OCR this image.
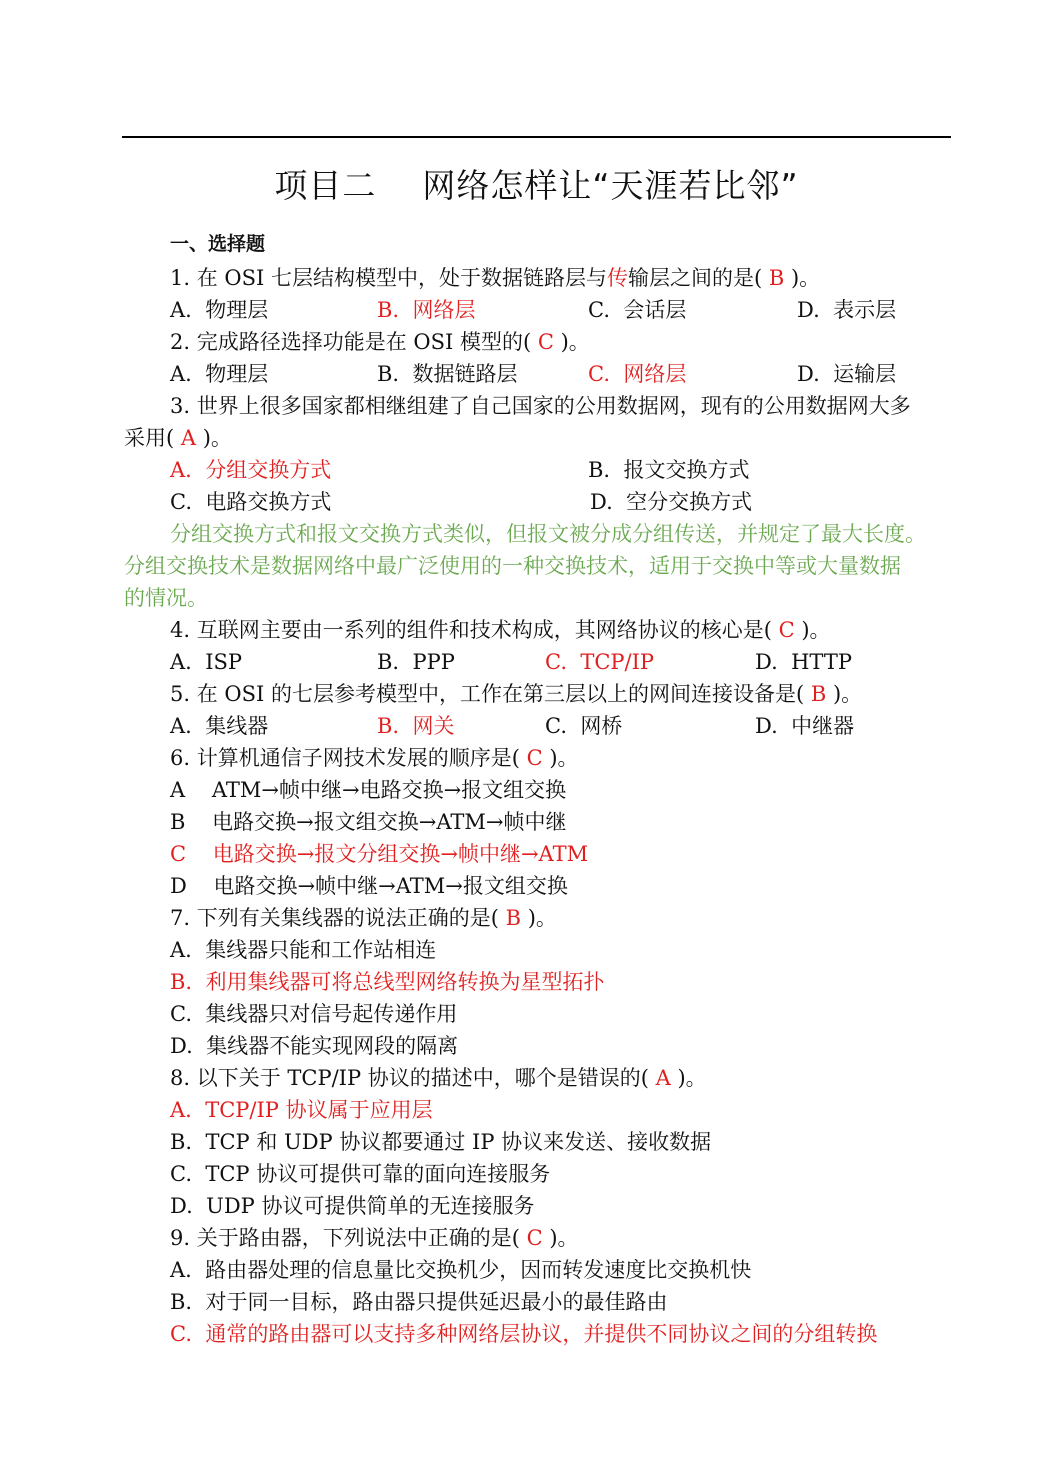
项目二    网络怎样让“天涯若比邻”
一、选择题
1. 在 OSI 七层结构模型中，处于数据链路层与传输层之间的是( B )。
A.  物理层	B.  网络层	C.  会话层	D.  表示层
2. 完成路径选择功能是在 OSI 模型的( C )。
A.  物理层	B.  数据链路层	C.  网络层	D.  运输层
3. 世界上很多国家都相继组建了自己国家的公用数据网，现有的公用数据网大多
采用( A )。
A.  分组交换方式	B.  报文交换方式
C.  电路交换方式	D.  空分交换方式
分组交换方式和报文交换方式类似，但报文被分成分组传送，并规定了最大长度。
分组交换技术是数据网络中最广泛使用的一种交换技术，适用于交换中等或大量数据
的情况。
4. 互联网主要由一系列的组件和技术构成，其网络协议的核心是( C )。
A.  ISP	B.  PPP	C.  TCP/IP	D.  HTTP
5. 在 OSI 的七层参考模型中，工作在第三层以上的网间连接设备是( B )。
A.  集线器	B.  网关	C.  网桥	D.  中继器
6. 计算机通信子网技术发展的顺序是( C )。
A    ATM→帧中继→电路交换→报文组交换
B    电路交换→报文组交换→ATM→帧中继
C    电路交换→报文分组交换→帧中继→ATM
D    电路交换→帧中继→ATM→报文组交换
7. 下列有关集线器的说法正确的是( B )。
A.  集线器只能和工作站相连
B.  利用集线器可将总线型网络转换为星型拓扑
C.  集线器只对信号起传递作用
D.  集线器不能实现网段的隔离
8. 以下关于 TCP/IP 协议的描述中，哪个是错误的( A )。
A.  TCP/IP 协议属于应用层
B.  TCP 和 UDP 协议都要通过 IP 协议来发送、接收数据
C.  TCP 协议可提供可靠的面向连接服务
D.  UDP 协议可提供简单的无连接服务
9. 关于路由器，下列说法中正确的是( C )。
A.  路由器处理的信息量比交换机少，因而转发速度比交换机快
B.  对于同一目标，路由器只提供延迟最小的最佳路由
C.  通常的路由器可以支持多种网络层协议，并提供不同协议之间的分组转换
